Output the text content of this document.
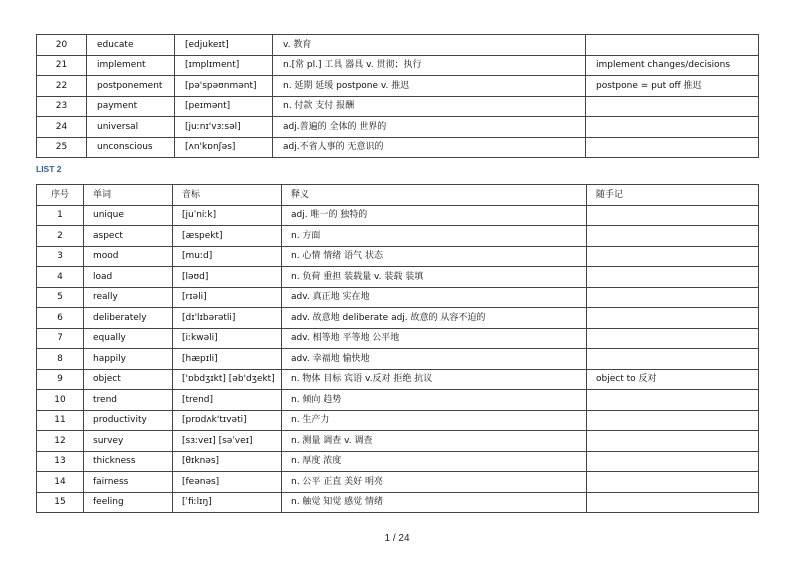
20	educate	[edjukeɪt]	v. 教育	
21	implement	[ɪmplɪment]	n.[常 pl.] 工具 器具 v. 贯彻；执行	implement changes/decisions
22	postponement	[pə'spəʊnmənt]	n. 延期 延缓 postpone v. 推迟	postpone = put off 推迟
23	payment	[peɪmənt]	n. 付款 支付 报酬	
24	universal	[juːnɪ'vɜːsəl]	adj.普遍的 全体的 世界的	
25	unconscious	[ʌn'kɒnʃəs]	adj.不省人事的 无意识的	
LIST 2
序号	单词	音标	释义	随手记
1	unique	[juˈniːk]	adj. 唯一的 独特的	
2	aspect	[æspekt]	n. 方面	
3	mood	[muːd]	n. 心情 情绪 语气 状态	
4	load	[ləʊd]	n. 负荷 重担 装载量 v. 装载 装填	
5	really	[rɪəli]	adv. 真正地 实在地	
6	deliberately	[dɪ'lɪbərətli]	adv. 故意地 deliberate adj. 故意的 从容不迫的	
7	equally	[iːkwəli]	adv. 相等地 平等地 公平地	
8	happily	[hæpɪli]	adv. 幸福地 愉快地	
9	object	['ɒbdʒɪkt] [əb'dʒekt]	n. 物体 目标 宾语 v.反对 拒绝 抗议	object to 反对
10	trend	[trend]	n. 倾向 趋势	
11	productivity	[prɒdʌk'tɪvəti]	n. 生产力	
12	survey	[sɜːveɪ] [səˈveɪ]	n. 测量 调查 v. 调查	
13	thickness	[θɪknəs]	n. 厚度 浓度	
14	fairness	[feənəs]	n. 公平 正直 美好 明亮	
15	feeling	[ˈfiːlɪŋ]	n. 触觉 知觉 感觉 情绪	
1 / 24
